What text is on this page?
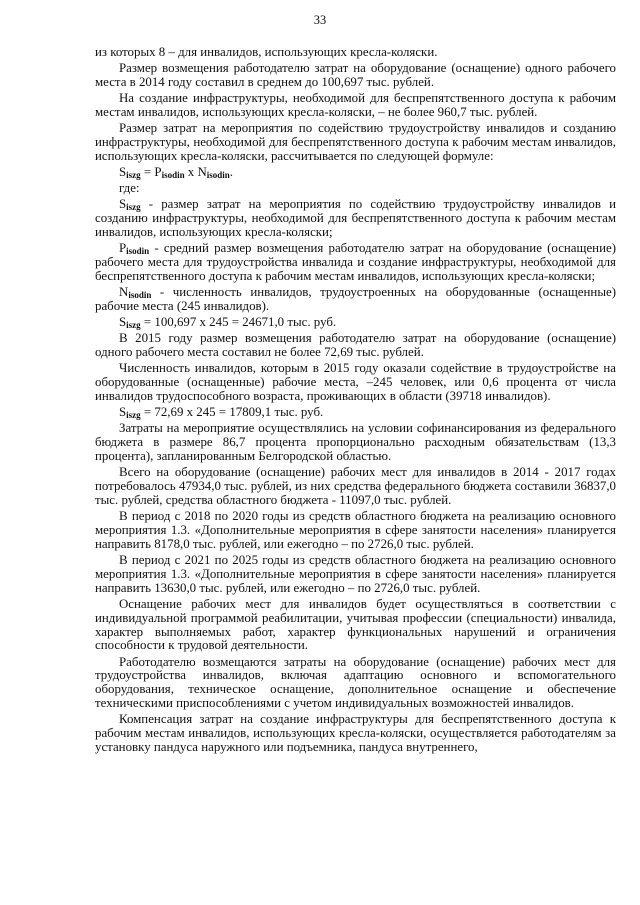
33

из которых 8 – для инвалидов, использующих кресла-коляски.

Размер возмещения работодателю затрат на оборудование (оснащение) одного рабочего места в 2014 году составил в среднем до 100,697 тыс. рублей.

На создание инфраструктуры, необходимой для беспрепятственного доступа к рабочим местам инвалидов, использующих кресла-коляски, – не более 960,7 тыс. рублей.

Размер затрат на мероприятия по содействию трудоустройству инвалидов и созданию инфраструктуры, необходимой для беспрепятственного доступа к рабочим местам инвалидов, использующих кресла-коляски, рассчитывается по следующей формуле:

$S_{iszg} = P_{isodin}$ х $N_{isodin}$.

где:

$S_{iszg}$ - размер затрат на мероприятия по содействию трудоустройству инвалидов и созданию инфраструктуры, необходимой для беспрепятственного доступа к рабочим местам инвалидов, использующих кресла-коляски;

$P_{isodin}$ - средний размер возмещения работодателю затрат на оборудование (оснащение) рабочего места для трудоустройства инвалида и создание инфраструктуры, необходимой для беспрепятственного доступа к рабочим местам инвалидов, использующих кресла-коляски;

$N_{isodin}$ - численность инвалидов, трудоустроенных на оборудованные (оснащенные) рабочие места (245 инвалидов).

$S_{iszg} = 100,697$ х 245 = 24671,0 тыс. руб.

В 2015 году размер возмещения работодателю затрат на оборудование (оснащение) одного рабочего места составил не более 72,69 тыс. рублей.

Численность инвалидов, которым в 2015 году оказали содействие в трудоустройстве на оборудованные (оснащенные) рабочие места, –245 человек, или 0,6 процента от числа инвалидов трудоспособного возраста, проживающих в области (39718 инвалидов).

$S_{iszg} = 72,69$ х 245 = 17809,1 тыс. руб.

Затраты на мероприятие осуществлялись на условии софинансирования из федерального бюджета в размере 86,7 процента пропорционально расходным обязательствам (13,3 процента), запланированным Белгородской областью.

Всего на оборудование (оснащение) рабочих мест для инвалидов в 2014 - 2017 годах потребовалось 47934,0 тыс. рублей, из них средства федерального бюджета составили 36837,0 тыс. рублей, средства областного бюджета - 11097,0 тыс. рублей.

В период с 2018 по 2020 годы из средств областного бюджета на реализацию основного мероприятия 1.3. «Дополнительные мероприятия в сфере занятости населения» планируется направить 8178,0 тыс. рублей, или ежегодно – по 2726,0 тыс. рублей.

В период с 2021 по 2025 годы из средств областного бюджета на реализацию основного мероприятия 1.3. «Дополнительные мероприятия в сфере занятости населения» планируется направить 13630,0 тыс. рублей, или ежегодно – по 2726,0 тыс. рублей.

Оснащение рабочих мест для инвалидов будет осуществляться в соответствии с индивидуальной программой реабилитации, учитывая профессии (специальности) инвалида, характер выполняемых работ, характер функциональных нарушений и ограничения способности к трудовой деятельности.

Работодателю возмещаются затраты на оборудование (оснащение) рабочих мест для трудоустройства инвалидов, включая адаптацию основного и вспомогательного оборудования, техническое оснащение, дополнительное оснащение и обеспечение техническими приспособлениями с учетом индивидуальных возможностей инвалидов.

Компенсация затрат на создание инфраструктуры для беспрепятственного доступа к рабочим местам инвалидов, использующих кресла-коляски, осуществляется работодателям за установку пандуса наружного или подъемника, пандуса внутреннего,
